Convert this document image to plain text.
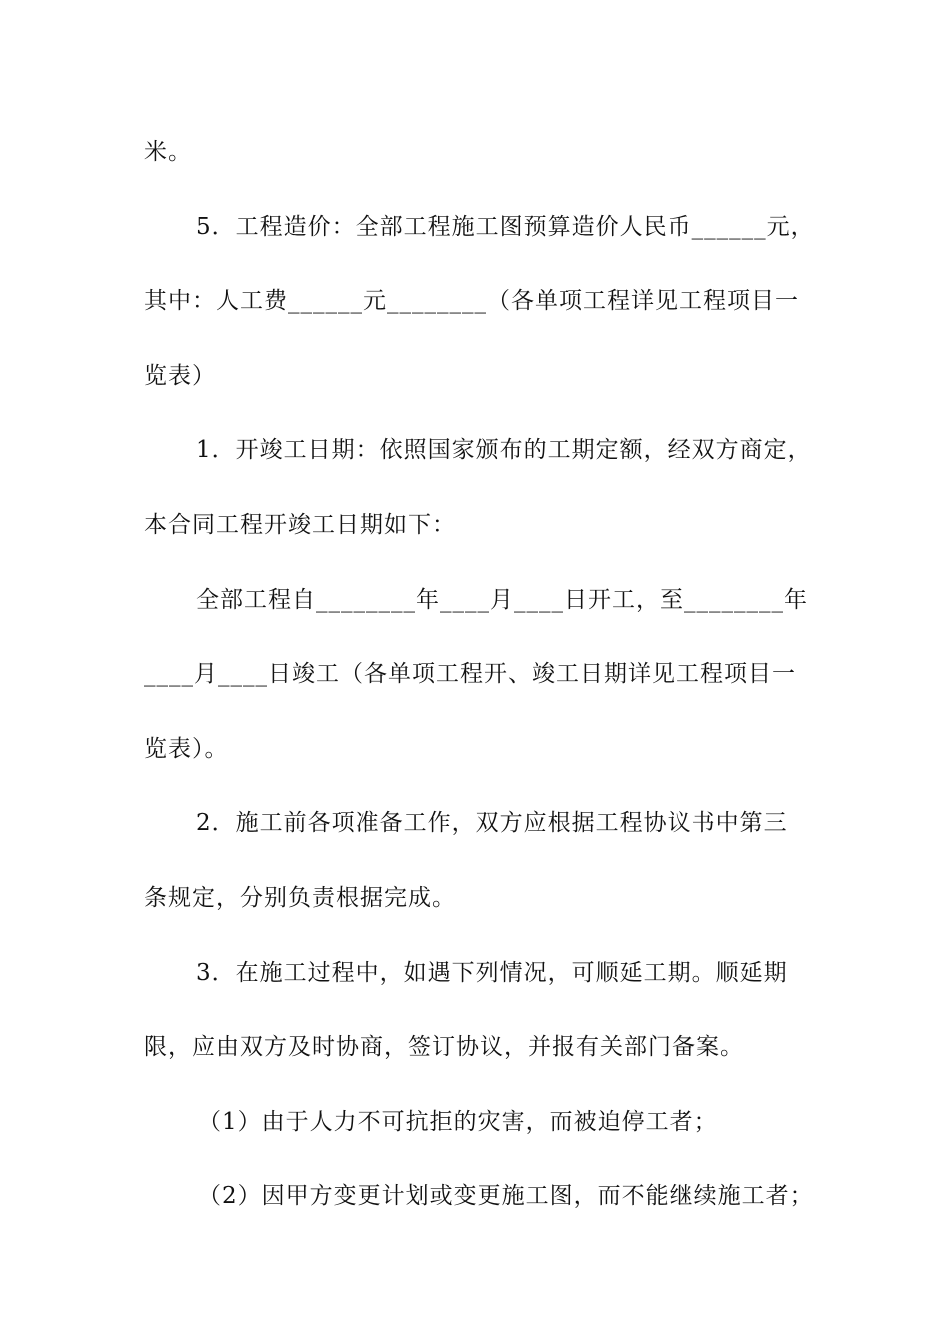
米。
5．工程造价：全部工程施工图预算造价人民币______元，
其中：人工费______元________（各单项工程详见工程项目一
览表）
1．开竣工日期：依照国家颁布的工期定额，经双方商定，
本合同工程开竣工日期如下：
全部工程自________年____月____日开工，至________年
____月____日竣工（各单项工程开、竣工日期详见工程项目一
览表）。
2．施工前各项准备工作，双方应根据工程协议书中第三
条规定，分别负责根据完成。
3．在施工过程中，如遇下列情况，可顺延工期。顺延期
限，应由双方及时协商，签订协议，并报有关部门备案。
（1）由于人力不可抗拒的灾害，而被迫停工者；
（2）因甲方变更计划或变更施工图，而不能继续施工者；
